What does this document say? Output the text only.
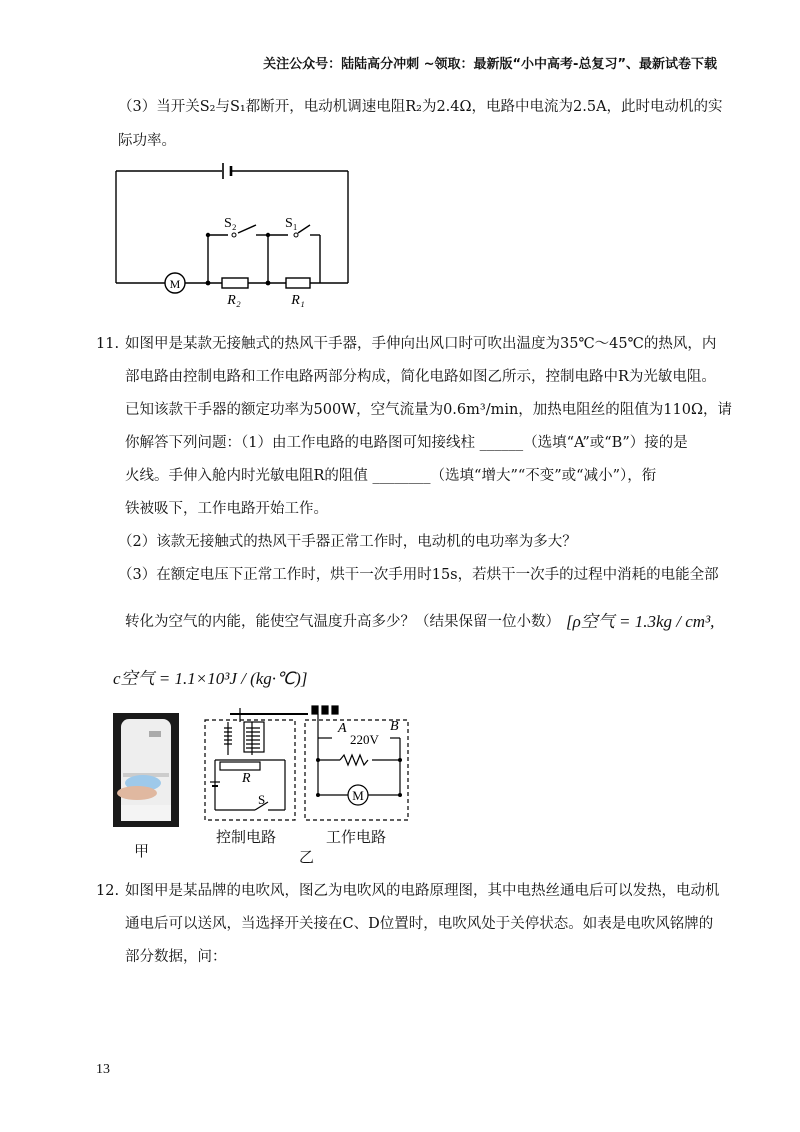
关注公众号：陆陆高分冲刺 ~领取：最新版“小中高考-总复习”、最新试卷下载
（3）当开关S₂与S₁都断开，电动机调速电阻R₂为2.4Ω，电路中电流为2.5A，此时电动机的实
际功率。
M
S₂	S₁
R₂	R₁
11. 如图甲是某款无接触式的热风干手器，手伸向出风口时可吹出温度为35℃～45℃的热风，内
部电路由控制电路和工作电路两部分构成，简化电路如图乙所示，控制电路中R为光敏电阻。
已知该款干手器的额定功率为500W，空气流量为0.6m³/min，加热电阻丝的阻值为110Ω，请
你解答下列问题：（1）由工作电路的电路图可知接线柱 ______（选填“A”或“B”）接的是
火线。手伸入舱内时光敏电阻R的阻值 ________（选填“增大”“不变”或“减小”），衔
铁被吸下，工作电路开始工作。
（2）该款无接触式的热风干手器正常工作时，电动机的电功率为多大？
（3）在额定电压下正常工作时，烘干一次手用时15s，若烘干一次手的过程中消耗的电能全部
转化为空气的内能，能使空气温度升高多少？（结果保留一位小数） [ρ空气 = 1.3kg / cm³,
c空气 = 1.1×10³J / (kg·℃)]
甲
A	B
220V
R
S	M
控制电路	工作电路
乙
12. 如图甲是某品牌的电吹风，图乙为电吹风的电路原理图，其中电热丝通电后可以发热，电动机
通电后可以送风，当选择开关接在C、D位置时，电吹风处于关停状态。如表是电吹风铭牌的
部分数据，问：
13
